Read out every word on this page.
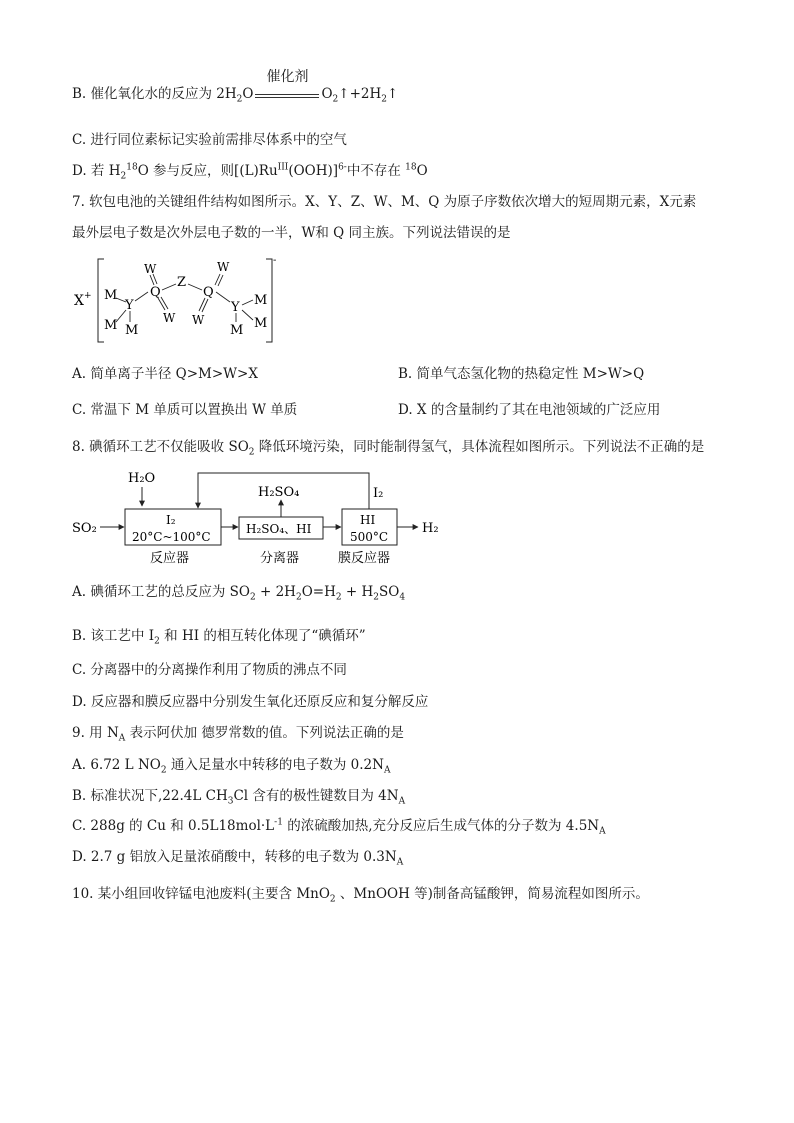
B. 催化氧化水的反应为 $2H_2O$
催化剂
$O_2↑+2H_2↑$
C. 进行同位素标记实验前需排尽体系中的空气
D. 若 $H_2^{18}O$ 参与反应，则$[(L)Ru^{III}(OOH)]^{6-}$中不存在 $^{18}$O
7. 软包电池的关键组件结构如图所示。X、Y、Z、W、M、Q 为原子序数依次增大的短周期元素，X元素
最外层电子数是次外层电子数的一半，W和 Q 同主族。下列说法错误的是
-
X + M
M
Y
M
Q
W
W
Z
Q
W
W
Y M
M
M
A. 简单离子半径 Q>M>W>X	B. 简单气态氢化物的热稳定性 M>W>Q
C. 常温下 M 单质可以置换出 W 单质	D. X 的含量制约了其在电池领域的广泛应用
8. 碘循环工艺不仅能吸收 $SO_2$ 降低环境污染，同时能制得氢气，具体流程如图所示。下列说法不正确的是
H₂O
SO₂
I₂
20°C~100°C
反应器
H₂SO₄、HI
分离器
H₂SO₄
HI
500°C
膜反应器
H₂
I₂
A. 碘循环工艺的总反应为 $SO_2 + 2H_2O=H_2 + H_2SO_4$
B. 该工艺中 $I_2$ 和 HI 的相互转化体现了“碘循环”
C. 分离器中的分离操作利用了物质的沸点不同
D. 反应器和膜反应器中分别发生氧化还原反应和复分解反应
9. 用 $N_A$ 表示阿伏加 德罗常数的值。下列说法正确的是
A. 6.72 L $NO_2$ 通入足量水中转移的电子数为 $0.2N_A$
B. 标准状况下,22.4L $CH_3Cl$ 含有的极性键数目为 $4N_A$
C. 288g 的 Cu 和 $0.5L18mol\cdot L^{-1}$ 的浓硫酸加热,充分反应后生成气体的分子数为 $4.5N_A$
D. 2.7 g 铝放入足量浓硝酸中，转移的电子数为 $0.3N_A$
10. 某小组回收锌锰电池废料(主要含 MnO$_2$ 、MnOOH 等)制备高锰酸钾，简易流程如图所示。
